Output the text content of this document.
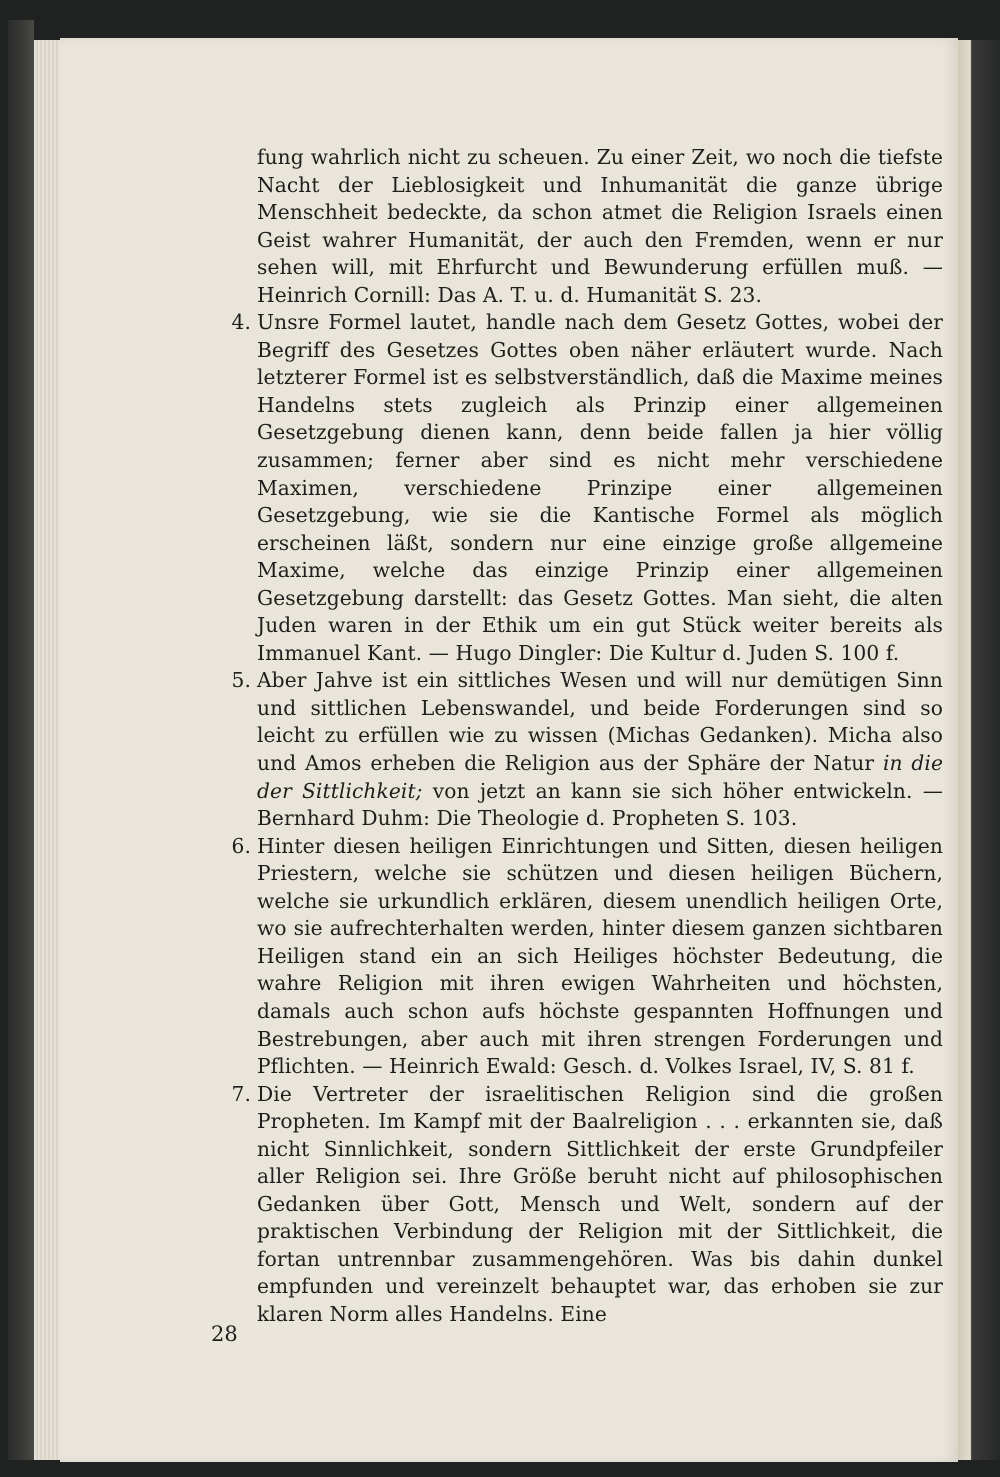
fung wahrlich nicht zu scheuen. Zu einer Zeit, wo noch die tiefste Nacht der Lieblosigkeit und Inhumanität die ganze übrige Menschheit bedeckte, da schon atmet die Religion Israels einen Geist wahrer Humanität, der auch den Fremden, wenn er nur sehen will, mit Ehrfurcht und Bewunderung erfüllen muß. — Heinrich Cornill: Das A. T. u. d. Humanität S. 23.

4. Unsre Formel lautet, handle nach dem Gesetz Gottes, wobei der Begriff des Gesetzes Gottes oben näher erläutert wurde. Nach letzterer Formel ist es selbstverständlich, daß die Maxime meines Handelns stets zugleich als Prinzip einer allgemeinen Gesetzgebung dienen kann, denn beide fallen ja hier völlig zusammen; ferner aber sind es nicht mehr verschiedene Maximen, verschiedene Prinzipe einer allgemeinen Gesetzgebung, wie sie die Kantische Formel als möglich erscheinen läßt, sondern nur eine einzige große allgemeine Maxime, welche das einzige Prinzip einer allgemeinen Gesetzgebung darstellt: das Gesetz Gottes. Man sieht, die alten Juden waren in der Ethik um ein gut Stück weiter bereits als Immanuel Kant. — Hugo Dingler: Die Kultur d. Juden S. 100 f.

5. Aber Jahve ist ein sittliches Wesen und will nur demütigen Sinn und sittlichen Lebenswandel, und beide Forderungen sind so leicht zu erfüllen wie zu wissen (Michas Gedanken). Micha also und Amos erheben die Religion aus der Sphäre der Natur in die der Sittlichkeit; von jetzt an kann sie sich höher entwickeln. — Bernhard Duhm: Die Theologie d. Propheten S. 103.

6. Hinter diesen heiligen Einrichtungen und Sitten, diesen heiligen Priestern, welche sie schützen und diesen heiligen Büchern, welche sie urkundlich erklären, diesem unendlich heiligen Orte, wo sie aufrechterhalten werden, hinter diesem ganzen sichtbaren Heiligen stand ein an sich Heiliges höchster Bedeutung, die wahre Religion mit ihren ewigen Wahrheiten und höchsten, damals auch schon aufs höchste gespannten Hoffnungen und Bestrebungen, aber auch mit ihren strengen Forderungen und Pflichten. — Heinrich Ewald: Gesch. d. Volkes Israel, IV, S. 81 f.

7. Die Vertreter der israelitischen Religion sind die großen Propheten. Im Kampf mit der Baalreligion . . . erkannten sie, daß nicht Sinnlichkeit, sondern Sittlichkeit der erste Grundpfeiler aller Religion sei. Ihre Größe beruht nicht auf philosophischen Gedanken über Gott, Mensch und Welt, sondern auf der praktischen Verbindung der Religion mit der Sittlichkeit, die fortan untrennbar zusammengehören. Was bis dahin dunkel empfunden und vereinzelt behauptet war, das erhoben sie zur klaren Norm alles Handelns. Eine

28
